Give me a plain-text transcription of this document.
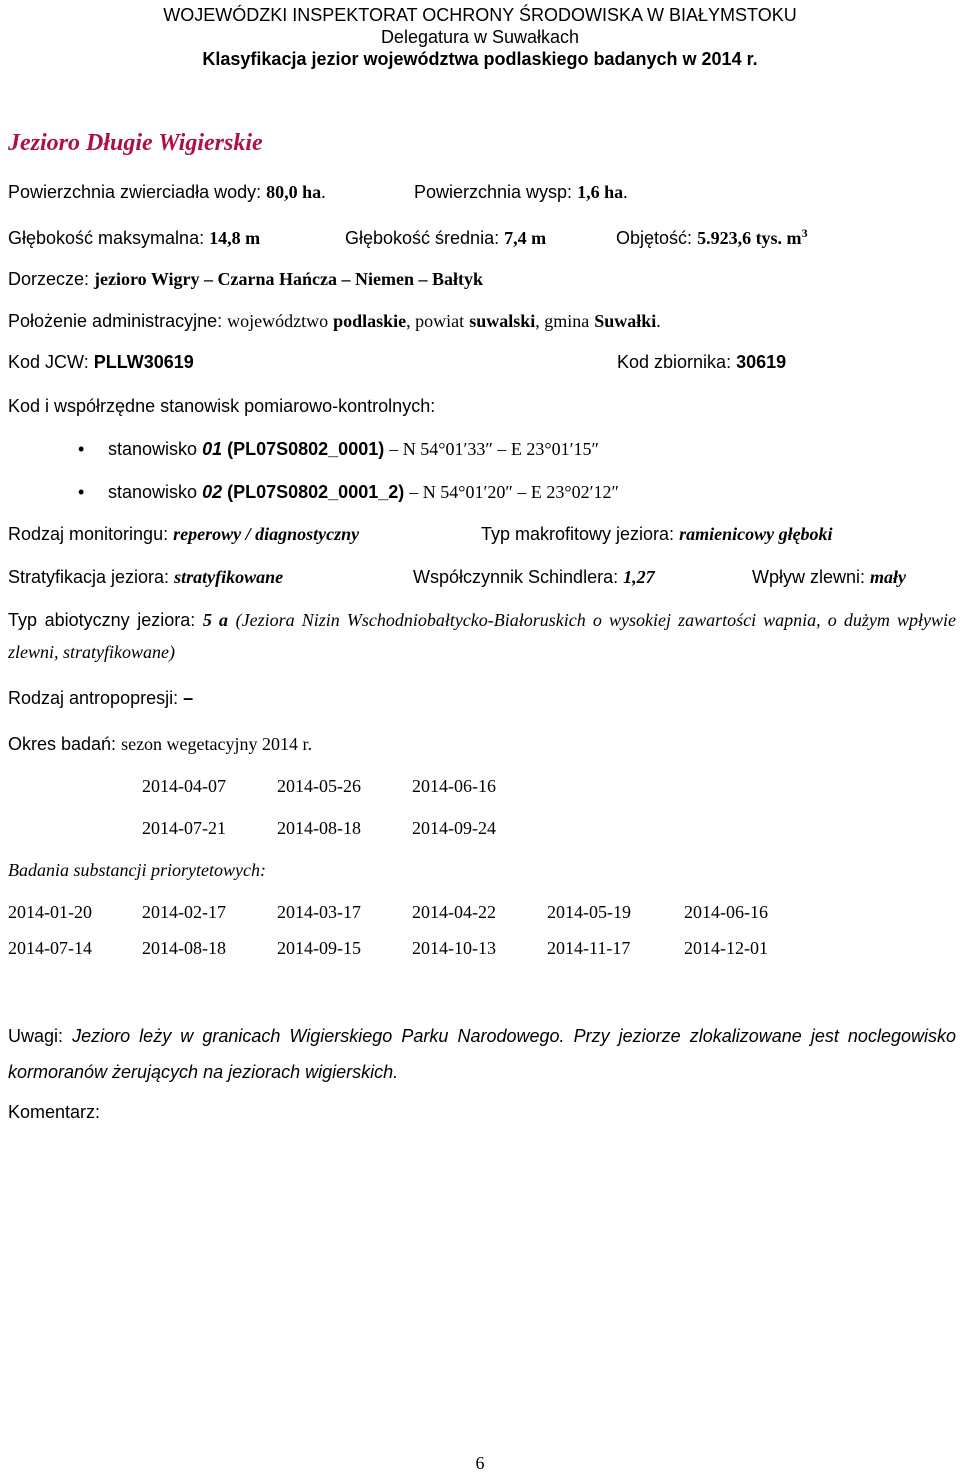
WOJEWÓDZKI INSPEKTORAT OCHRONY ŚRODOWISKA W BIAŁYMSTOKU
Delegatura w Suwałkach
Klasyfikacja jezior województwa podlaskiego badanych w 2014 r.
Jezioro Długie Wigierskie
Powierzchnia zwierciadła wody: 80,0 ha.	Powierzchnia wysp: 1,6 ha.
Głębokość maksymalna: 14,8 m	Głębokość średnia: 7,4 m	Objętość: 5.923,6 tys. $m^3$
Dorzecze: jezioro Wigry – Czarna Hańcza – Niemen – Bałtyk
Położenie administracyjne: województwo podlaskie, powiat suwalski, gmina Suwałki.
Kod JCW: PLLW30619	Kod zbiornika: 30619
Kod i współrzędne stanowisk pomiarowo-kontrolnych:
• stanowisko 01 (PL07S0802_0001) – N 54°01′33″ – E 23°01′15″
• stanowisko 02 (PL07S0802_0001_2) – N 54°01′20″ – E 23°02′12″
Rodzaj monitoringu: reperowy / diagnostyczny	Typ makrofitowy jeziora: ramienicowy głęboki
Stratyfikacja jeziora: stratyfikowane	Współczynnik Schindlera: 1,27	Wpływ zlewni: mały
Typ abiotyczny jeziora: 5 a (Jeziora Nizin Wschodniobałtycko-Białoruskich o wysokiej zawartości wapnia, o dużym wpływie zlewni, stratyfikowane)
Rodzaj antropopresji: –
Okres badań: sezon wegetacyjny 2014 r.
2014-04-07	2014-05-26	2014-06-16
2014-07-21	2014-08-18	2014-09-24
Badania substancji priorytetowych:
2014-01-20	2014-02-17	2014-03-17	2014-04-22	2014-05-19	2014-06-16
2014-07-14	2014-08-18	2014-09-15	2014-10-13	2014-11-17	2014-12-01
Uwagi: Jezioro leży w granicach Wigierskiego Parku Narodowego. Przy jeziorze zlokalizowane jest noclegowisko kormoranów żerujących na jeziorach wigierskich.
Komentarz:
6
